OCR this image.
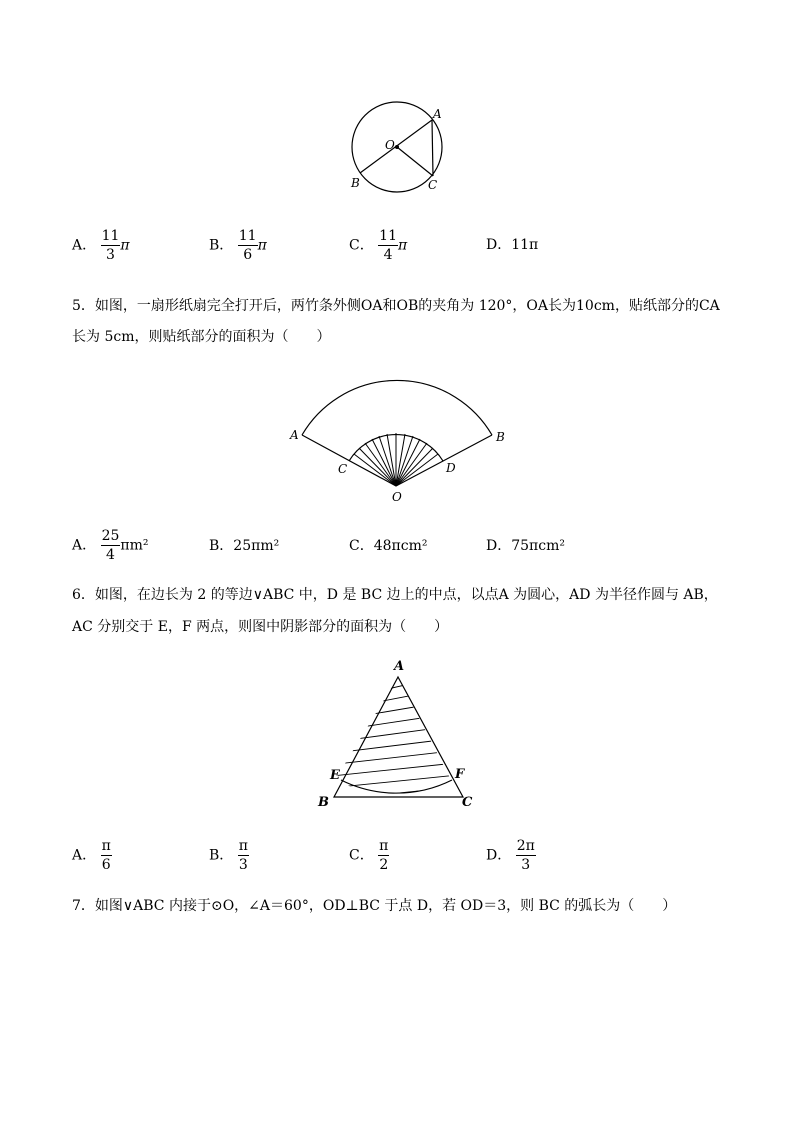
A
O
B	C
A． $\frac{11}{3}$ π	B． $\frac{11}{6}$ π	C． $\frac{11}{4}$ π	D．11π
5．如图，一扇形纸扇完全打开后，两竹条外侧OA和OB的夹角为 120°，OA长为10cm，贴纸部分的CA
长为 5cm，则贴纸部分的面积为（　　）
A	B
C	D
O
A． $\frac{25}{4} \pi m^2$	B．25πm²	C．48πcm²	D．75πcm²
6．如图，在边长为 2 的等边∨ABC 中，D 是 BC 边上的中点，以点A 为圆心，AD 为半径作圆与 AB，
AC 分别交于 E，F 两点，则图中阴影部分的面积为（　　）
A
E	F
B	C
A． $\frac{\pi}{6}$	B． $\frac{\pi}{3}$	C． $\frac{\pi}{2}$	D． $\frac{2\pi}{3}$
7．如图∨ABC 内接于⊙O，∠A＝60°，OD⊥BC 于点 D，若 OD＝3，则 BC 的弧长为（　　）
